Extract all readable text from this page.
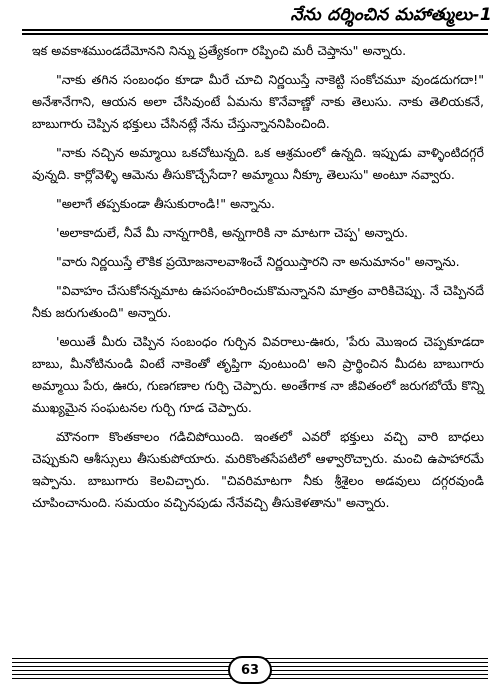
నేను దర్శించిన మహాత్ములు-1

ఇక అవకాశముండదేమోనని నిన్ను ప్రత్యేకంగా రప్పించి మరీ చెప్తాను" అన్నారు.

"నాకు తగిన సంబంధం కూడా మీరే చూచి నిర్ణయిస్తే నాకెట్టి సంకోచమూ వుండదుగదా!" అనేశానేగాని, ఆయన అలా చేసివుంటే ఏమను కొనేవాణ్ణో నాకు తెలుసు. నాకు తెలియకనే, బాబుగారు చెప్పిన భక్తులు చేసినట్లే నేను చేస్తున్నాననిపించింది.

"నాకు నచ్చిన అమ్మాయి ఒకచోటున్నది. ఒక ఆశ్రమంలో ఉన్నది. ఇప్పుడు వాళ్ళింటిదగ్గరే వున్నది. కార్లోవెళ్ళి ఆమెను తీసుకొచ్చేసేదా? అమ్మాయి నీక్కూ తెలుసు" అంటూ నవ్వారు.

"అలాగే తప్పకుండా తీసుకురాండి!" అన్నాను.

'అలాకాదులే, నీవే మీ నాన్నగారికి, అన్నగారికి నా మాటగా చెప్ప' అన్నారు.

"వారు నిర్ణయిస్తే లౌకిక ప్రయోజనాలవాశించే నిర్ణయిస్తారని నా అనుమానం" అన్నాను.

"వివాహం చేసుకోనన్నమాట ఉపసంహరించుకొమన్నానని మాత్రం వారికిచెప్పు. నే చెప్పినదే నీకు జరుగుతుంది" అన్నారు.

'అయితే మీరు చెప్పిన సంబంధం గుర్చిన వివరాలు-ఊరు, 'పేరు మొఇంద చెప్పకూడదా బాబు, మీనోటినుండి వింటే నాకెంతో తృప్తిగా వుంటుంది' అని ప్రార్థించిన మీదట బాబుగారు అమ్మాయి పేరు, ఊరు, గుణగణాల గుర్చి చెప్పారు. అంతేగాక నా జీవితంలో జరుగబోయే కొన్ని ముఖ్యమైన సంఘటనల గుర్చి గూడ చెప్పారు.

మౌనంగా కొంతకాలం గడిచిపోయింది. ఇంతలో ఎవరో భక్తులు వచ్చి వారి బాధలు చెప్పుకుని ఆశీస్సులు తీసుకుపోయారు. మరికొంతసేపటిలో ఆళ్వారొచ్చారు. మంచి ఉపాహారమే ఇప్పాను. బాబుగారు కెలవిచ్చారు. "చివరిమాటగా నీకు శ్రీశైలం అడవులు దగ్గరవుండి చూపించానుంది. సమయం వచ్చినపుడు నేనేవచ్చి తీసుకెళతాను" అన్నారు.

63
